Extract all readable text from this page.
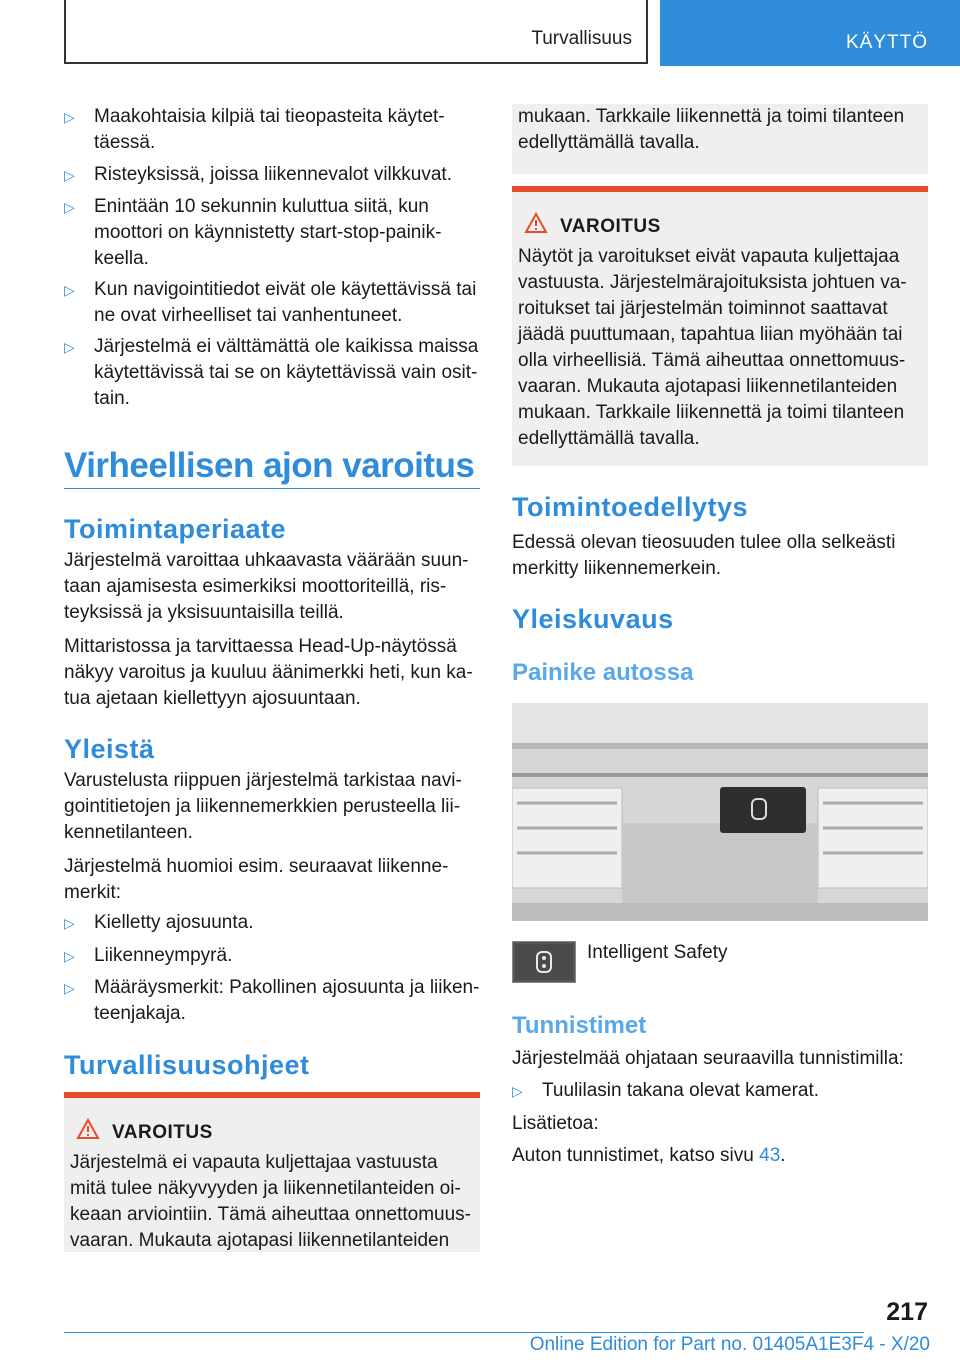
Turvallisuus	KÄYTTÖ
▷ Maakohtaisia kilpiä tai tieopasteita käytet-
täessä.
▷ Risteyksissä, joissa liikennevalot vilkkuvat.
▷ Enintään 10 sekunnin kuluttua siitä, kun
moottori on käynnistetty start-stop-painik-
keella.
▷ Kun navigointitiedot eivät ole käytettävissä tai
ne ovat virheelliset tai vanhentuneet.
▷ Järjestelmä ei välttämättä ole kaikissa maissa
käytettävissä tai se on käytettävissä vain osit-
tain.
Virheellisen ajon varoitus
Toimintaperiaate

Järjestelmä varoittaa uhkaavasta väärään suun-
taan ajamisesta esimerkiksi moottoriteillä, ris-
teyksissä ja yksisuuntaisilla teillä.

Mittaristossa ja tarvittaessa Head-Up-näytössä
näkyy varoitus ja kuuluu äänimerkki heti, kun ka-
tua ajetaan kiellettyyn ajosuuntaan.

Yleistä

Varustelusta riippuen järjestelmä tarkistaa navi-
gointitietojen ja liikennemerkkien perusteella lii-
kennetilanteen.

Järjestelmä huomioi esim. seuraavat liikenne-
merkit:

▷ Kielletty ajosuunta.
▷ Liikenneympyrä.
▷ Määräysmerkit: Pakollinen ajosuunta ja liiken-
teenjakaja.
Turvallisuusohjeet
VAROITUS
Järjestelmä ei vapauta kuljettajaa vastuusta
mitä tulee näkyvyyden ja liikennetilanteiden oi-
keaan arviointiin. Tämä aiheuttaa onnettomuus-
vaaran. Mukauta ajotapasi liikennetilanteiden
mukaan. Tarkkaile liikennettä ja toimi tilanteen
edellyttämällä tavalla.
VAROITUS
Näytöt ja varoitukset eivät vapauta kuljettajaa
vastuusta. Järjestelmärajoituksista johtuen va-
roitukset tai järjestelmän toiminnot saattavat
jäädä puuttumaan, tapahtua liian myöhään tai
olla virheellisiä. Tämä aiheuttaa onnettomuus-
vaaran. Mukauta ajotapasi liikennetilanteiden
mukaan. Tarkkaile liikennettä ja toimi tilanteen
edellyttämällä tavalla.
Toimintoedellytys

Edessä olevan tieosuuden tulee olla selkeästi
merkitty liikennemerkein.

Yleiskuvaus
Painike autossa
Intelligent Safety
Tunnistimet

Järjestelmää ohjataan seuraavilla tunnistimilla:

▷ Tuulilasin takana olevat kamerat.

Lisätietoa:

Auton tunnistimet, katso sivu 43.

217
Online Edition for Part no. 01405A1E3F4 - X/20
